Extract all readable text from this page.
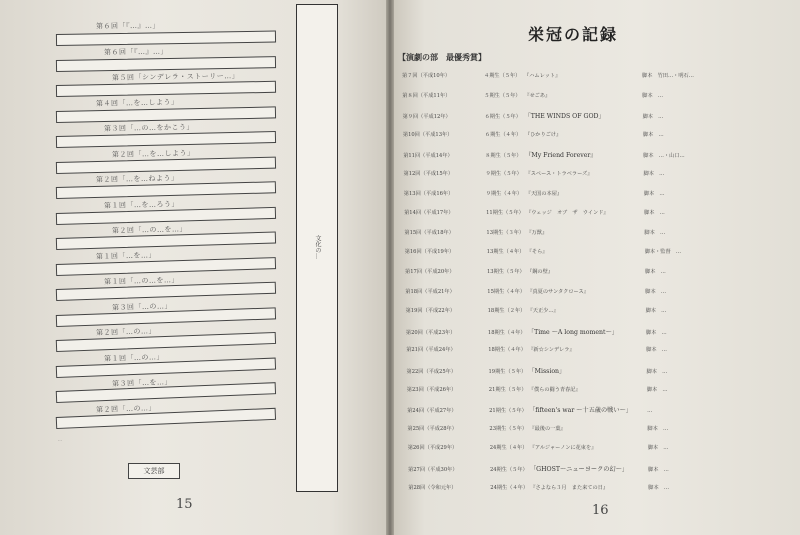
第６回「『…』…」
第６回「『…』…」
第５回「シンデレラ・ストーリー…」
第４回「…を…しよう」
第３回「…の…をかこう」
第２回「…を…しよう」
第２回「…を…ねよう」
第１回「…を…ろう」
第２回「…の…を…」
第１回「…を…」
第１回「…の…を…」
第３回「…の…」
第２回「…の…」
第１回「…の…」
第３回「…を…」
第２回「…の…」
…
文芸部
文化の…
15
栄冠の記録
【演劇の部　最優秀賞】
第７回（平成10年）	４期生（５年） 『ハムレット』	脚本　竹田…・明石…
第８回（平成11年）	５期生（５年） 『せごあ』	脚本　…
第９回（平成12年）	６期生（５年） 「THE WINDS OF GOD」	脚本　…
第10回（平成13年）	６期生（４年） 『ひかりごけ』	脚本　…
第11回（平成14年）	８期生（５年） 『My Friend Forever』	脚本　…・山口…
第12回（平成15年）	９期生（５年） 『スペース・トラベラーズ』	脚本　…
第13回（平成16年）	９期生（４年） 『天国の本屋』	脚本　…
第14回（平成17年）	11期生（５年） 『ウェッジ　オブ　ザ　ウインド』	脚本　…
第15回（平成18年）	13期生（３年） 『万獣』	脚本　…
第16回（平成19年）	13期生（４年） 『そら』	脚本・監督　…
第17回（平成20年）	13期生（５年） 『鋼の壁』	脚本　…
第18回（平成21年）	15期生（４年） 『真夏のサンタクロース』	脚本　…
第19回（平成22年）	18期生（２年） 『天正少…』	脚本　…
第20回（平成23年）	18期生（４年） 「Time 〜A long moment〜」	脚本　…
第21回（平成24年）	18期生（４年） 『新☆シンデレラ』	脚本　…
第22回（平成25年）	19期生（５年） 「Mission」	脚本　…
第23回（平成26年）	21期生（５年） 『僕らの闘う青春記』	脚本　…
第24回（平成27年）	21期生（５年） 「fifteen's war 〜十五歳の戦い〜」	…
第25回（平成28年）	23期生（５年） 『最後の一葉』	脚本　…
第26回（平成29年）	24期生（４年） 『アルジャーノンに花束を』	脚本　…
第27回（平成30年）	24期生（５年） 「GHOST〜ニューヨークの幻〜」	脚本　…
第28回（令和元年）	24期生（４年） 『さよなら３月　また来ての日』	脚本　…
16
